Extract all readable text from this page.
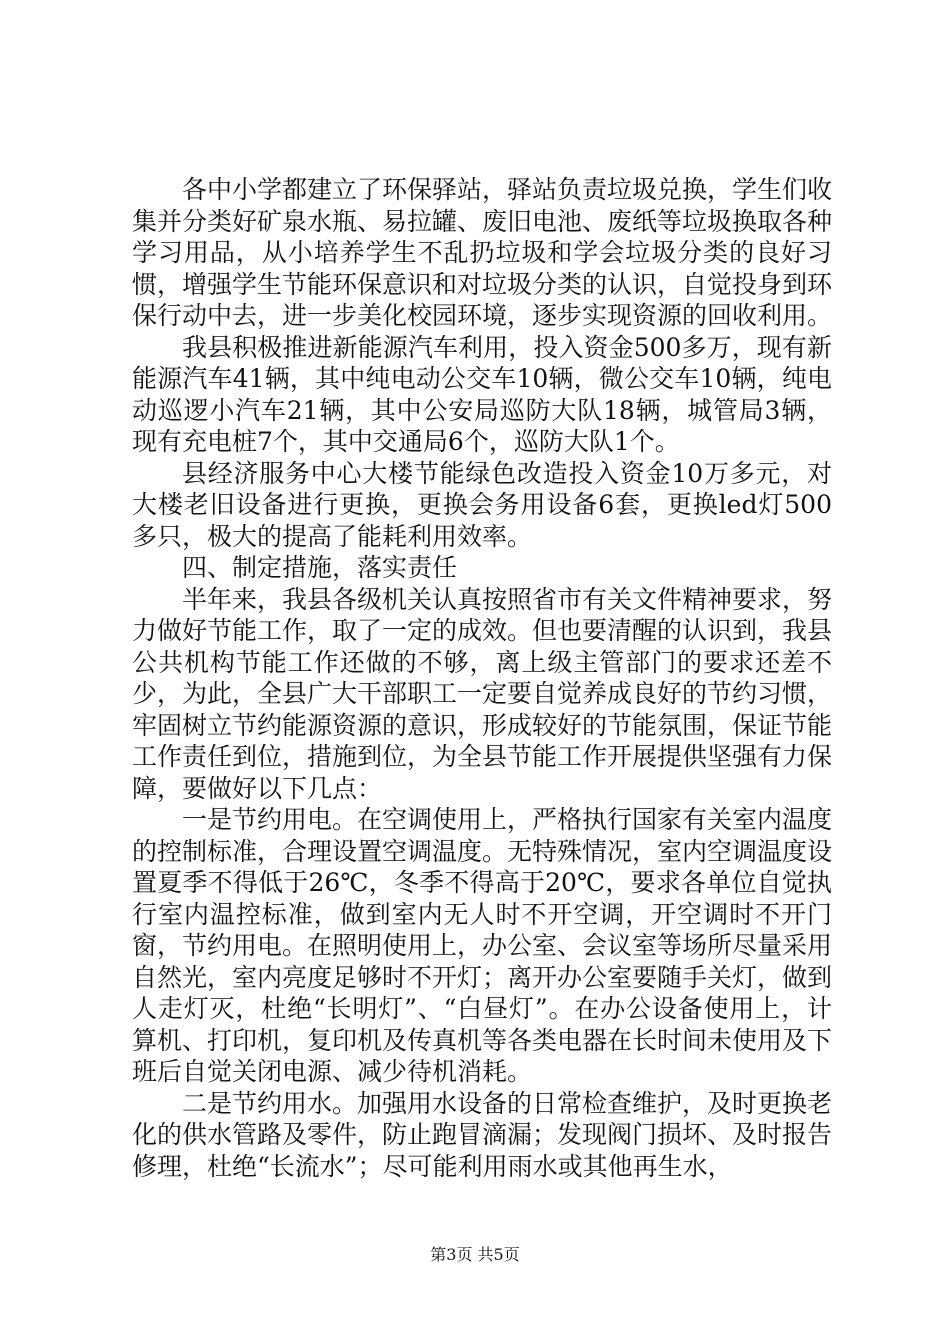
各中小学都建立了环保驿站，驿站负责垃圾兑换，学生们收集并分类好矿泉水瓶、易拉罐、废旧电池、废纸等垃圾换取各种学习用品，从小培养学生不乱扔垃圾和学会垃圾分类的良好习惯，增强学生节能环保意识和对垃圾分类的认识，自觉投身到环保行动中去，进一步美化校园环境，逐步实现资源的回收利用。

我县积极推进新能源汽车利用，投入资金500多万，现有新能源汽车41辆，其中纯电动公交车10辆，微公交车10辆，纯电动巡逻小汽车21辆，其中公安局巡防大队18辆，城管局3辆，现有充电桩7个，其中交通局6个，巡防大队1个。

县经济服务中心大楼节能绿色改造投入资金10万多元，对大楼老旧设备进行更换，更换会务用设备6套，更换led灯500多只，极大的提高了能耗利用效率。

四、制定措施，落实责任

半年来，我县各级机关认真按照省市有关文件精神要求，努力做好节能工作，取了一定的成效。但也要清醒的认识到，我县公共机构节能工作还做的不够，离上级主管部门的要求还差不少，为此，全县广大干部职工一定要自觉养成良好的节约习惯，牢固树立节约能源资源的意识，形成较好的节能氛围，保证节能工作责任到位，措施到位，为全县节能工作开展提供坚强有力保障，要做好以下几点：

一是节约用电。在空调使用上，严格执行国家有关室内温度的控制标准，合理设置空调温度。无特殊情况，室内空调温度设置夏季不得低于26℃，冬季不得高于20℃，要求各单位自觉执行室内温控标准，做到室内无人时不开空调，开空调时不开门窗，节约用电。在照明使用上，办公室、会议室等场所尽量采用自然光，室内亮度足够时不开灯；离开办公室要随手关灯，做到人走灯灭，杜绝“长明灯”、“白昼灯”。在办公设备使用上，计算机、打印机，复印机及传真机等各类电器在长时间未使用及下班后自觉关闭电源、减少待机消耗。

二是节约用水。加强用水设备的日常检查维护，及时更换老化的供水管路及零件，防止跑冒滴漏；发现阀门损坏、及时报告修理，杜绝“长流水”；尽可能利用雨水或其他再生水，

第3页 共5页
